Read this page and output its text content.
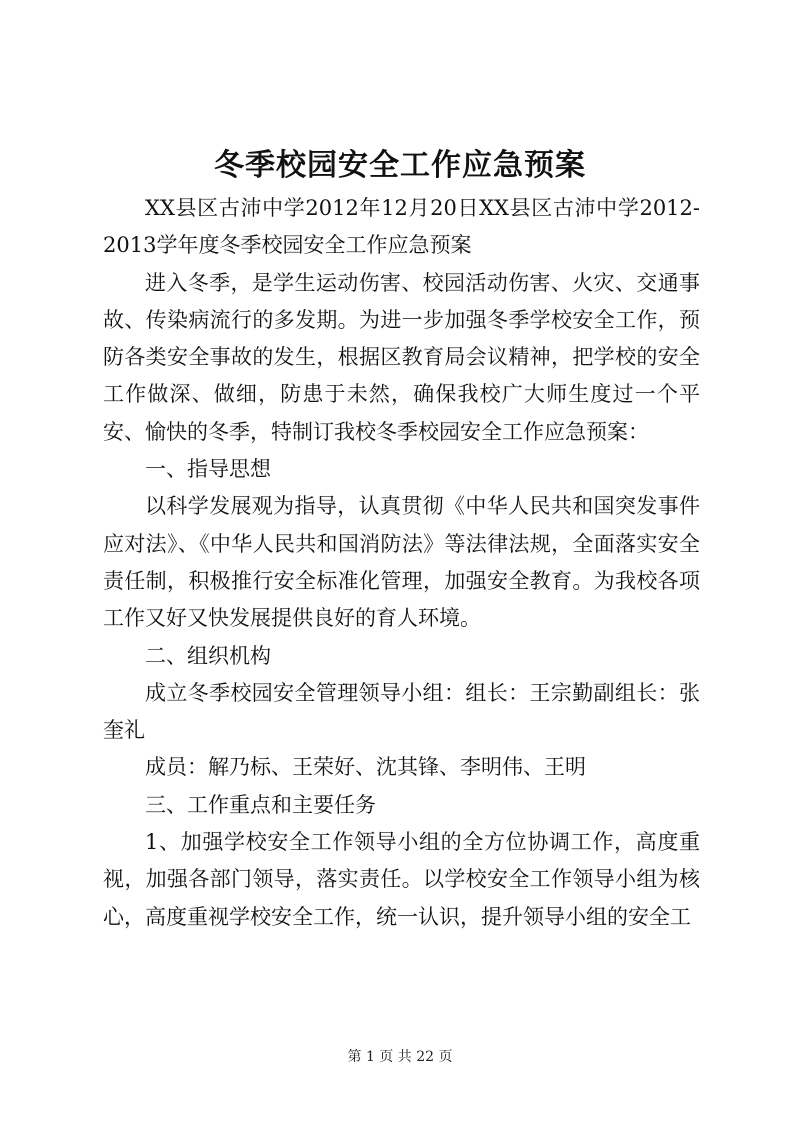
冬季校园安全工作应急预案

XX县区古沛中学2012年12月20日XX县区古沛中学2012-2013学年度冬季校园安全工作应急预案

进入冬季，是学生运动伤害、校园活动伤害、火灾、交通事故、传染病流行的多发期。为进一步加强冬季学校安全工作，预防各类安全事故的发生，根据区教育局会议精神，把学校的安全工作做深、做细，防患于未然，确保我校广大师生度过一个平安、愉快的冬季，特制订我校冬季校园安全工作应急预案：

一、指导思想

以科学发展观为指导，认真贯彻《中华人民共和国突发事件应对法》、《中华人民共和国消防法》等法律法规，全面落实安全责任制，积极推行安全标准化管理，加强安全教育。为我校各项工作又好又快发展提供良好的育人环境。

二、组织机构

成立冬季校园安全管理领导小组：组长：王宗勤副组长：张奎礼

成员：解乃标、王荣好、沈其锋、李明伟、王明

三、工作重点和主要任务

1、加强学校安全工作领导小组的全方位协调工作，高度重视，加强各部门领导，落实责任。以学校安全工作领导小组为核心，高度重视学校安全工作，统一认识，提升领导小组的安全工

第 1 页 共 22 页
